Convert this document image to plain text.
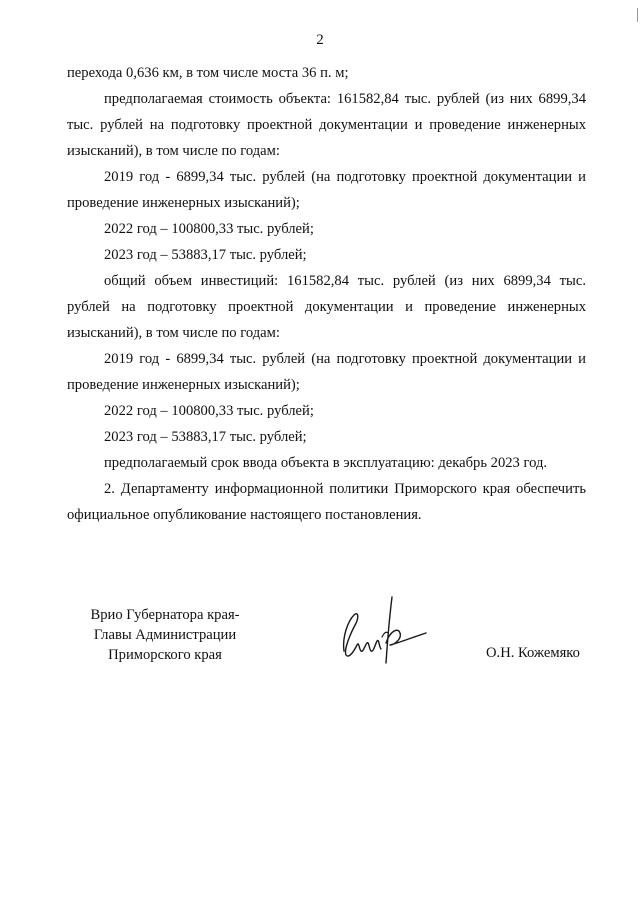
2

перехода 0,636 км, в том числе моста 36 п. м;

предполагаемая стоимость объекта: 161582,84 тыс. рублей (из них 6899,34 тыс. рублей на подготовку проектной документации и проведение инженерных изысканий), в том числе по годам:

2019 год - 6899,34 тыс. рублей (на подготовку проектной документации и проведение инженерных изысканий);

2022 год – 100800,33 тыс. рублей;

2023 год – 53883,17 тыс. рублей;

общий объем инвестиций: 161582,84 тыс. рублей (из них 6899,34 тыс. рублей на подготовку проектной документации и проведение инженерных изысканий), в том числе по годам:

2019 год - 6899,34 тыс. рублей (на подготовку проектной документации и проведение инженерных изысканий);

2022 год – 100800,33 тыс. рублей;

2023 год – 53883,17 тыс. рублей;

предполагаемый срок ввода объекта в эксплуатацию: декабрь 2023 год.

2. Департаменту информационной политики Приморского края обеспечить официальное опубликование настоящего постановления.

Врио Губернатора края-
Главы Администрации
Приморского края	О.Н. Кожемяко
